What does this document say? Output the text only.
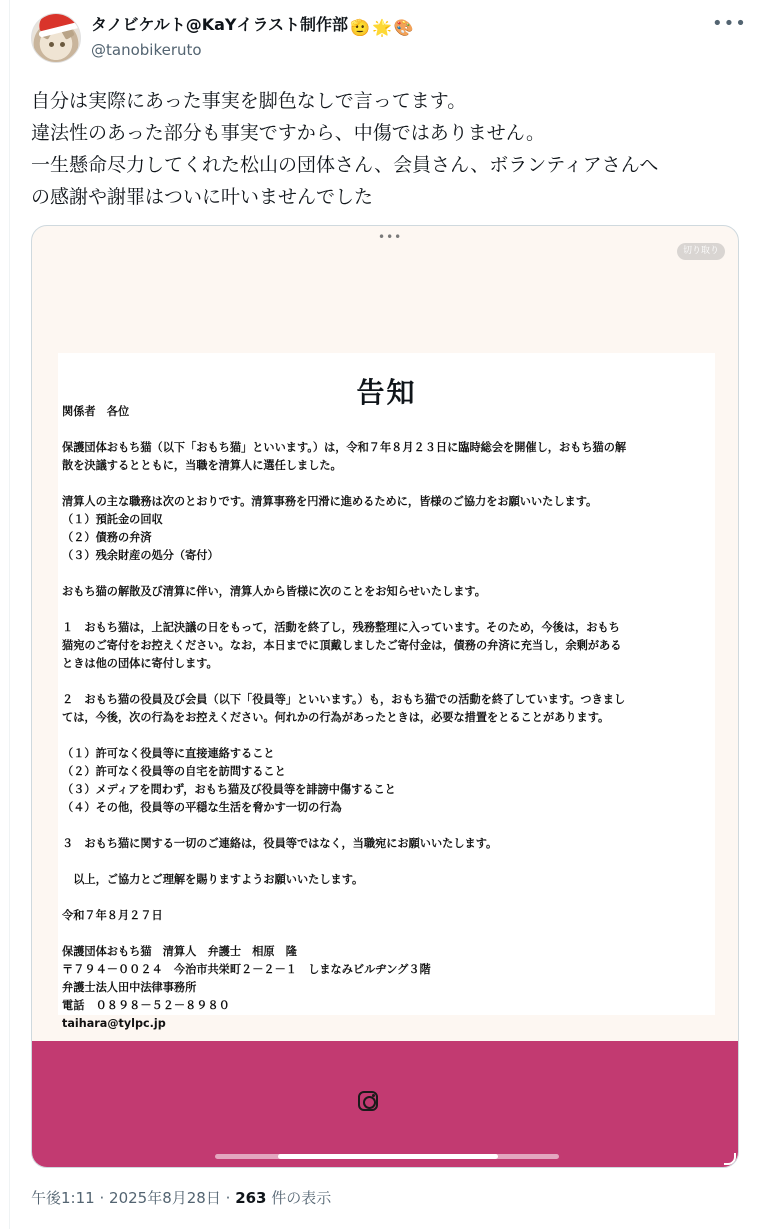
タノビケルト@KaYイラスト制作部 🫡 🌟 🎨
@tanobikeruto
•••
自分は実際にあった事実を脚色なしで言ってます。
違法性のあった部分も事実ですから、中傷ではありません。
一生懸命尽力してくれた松山の団体さん、会員さん、ボランティアさんへ
の感謝や謝罪はついに叶いませんでした
•••
切り取り
告知
関係者　各位
保護団体おもち猫（以下「おもち猫」といいます。）は，令和７年８月２３日に臨時総会を開催し，おもち猫の解
散を決議するとともに，当職を清算人に選任しました。
清算人の主な職務は次のとおりです。清算事務を円滑に進めるために，皆様のご協力をお願いいたします。
（１）預託金の回収
（２）債務の弁済
（３）残余財産の処分（寄付）
おもち猫の解散及び清算に伴い，清算人から皆様に次のことをお知らせいたします。
１　おもち猫は，上記決議の日をもって，活動を終了し，残務整理に入っています。そのため，今後は，おもち
猫宛のご寄付をお控えください。なお，本日までに頂戴しましたご寄付金は，債務の弁済に充当し，余剰がある
ときは他の団体に寄付します。
２　おもち猫の役員及び会員（以下「役員等」といいます。）も，おもち猫での活動を終了しています。つきまし
ては，今後，次の行為をお控えください。何れかの行為があったときは，必要な措置をとることがあります。
（１）許可なく役員等に直接連絡すること
（２）許可なく役員等の自宅を訪問すること
（３）メディアを問わず，おもち猫及び役員等を誹謗中傷すること
（４）その他，役員等の平穏な生活を脅かす一切の行為
３　おもち猫に関する一切のご連絡は，役員等ではなく，当職宛にお願いいたします。
　以上，ご協力とご理解を賜りますようお願いいたします。
令和７年８月２７日
保護団体おもち猫　清算人　弁護士　相原　隆
〒７９４－００２４　今治市共栄町２－２－１　しまなみビルヂング３階
弁護士法人田中法律事務所
電話　０８９８－５２－８９８０
taihara@tylpc.jp
午後1:11 · 2025年8月28日 · 263 件の表示
